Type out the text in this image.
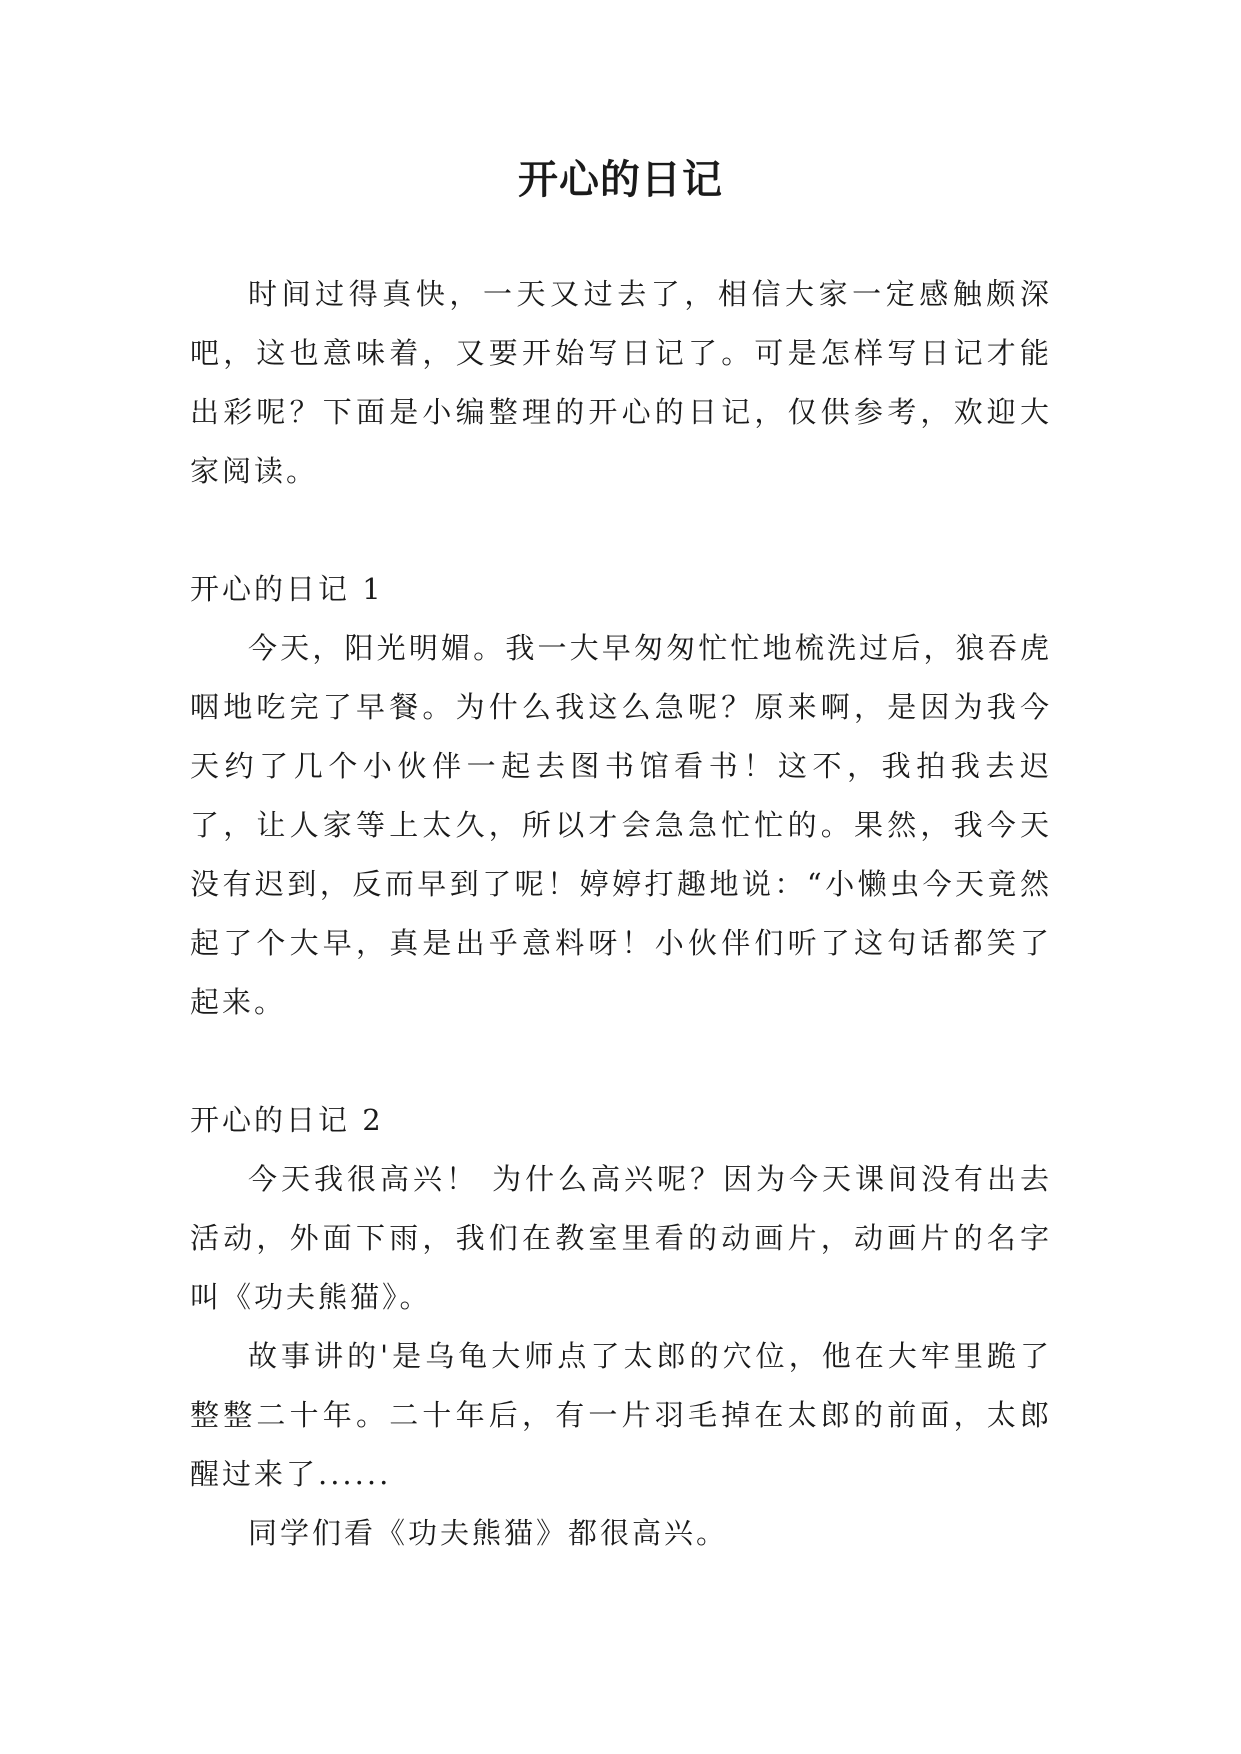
开心的日记

时间过得真快，一天又过去了，相信大家一定感触颇深吧，这也意味着，又要开始写日记了。可是怎样写日记才能出彩呢？下面是小编整理的开心的日记，仅供参考，欢迎大家阅读。

开心的日记 1

今天，阳光明媚。我一大早匆匆忙忙地梳洗过后，狼吞虎咽地吃完了早餐。为什么我这么急呢？原来啊，是因为我今天约了几个小伙伴一起去图书馆看书！这不，我拍我去迟了，让人家等上太久，所以才会急急忙忙的。果然，我今天没有迟到，反而早到了呢！婷婷打趣地说：“小懒虫今天竟然起了个大早，真是出乎意料呀！小伙伴们听了这句话都笑了起来。

开心的日记 2

今天我很高兴！ 为什么高兴呢？因为今天课间没有出去活动，外面下雨，我们在教室里看的动画片，动画片的名字叫《功夫熊猫》。

故事讲的'是乌龟大师点了太郎的穴位，他在大牢里跪了整整二十年。二十年后，有一片羽毛掉在太郎的前面，太郎醒过来了......

同学们看《功夫熊猫》都很高兴。
